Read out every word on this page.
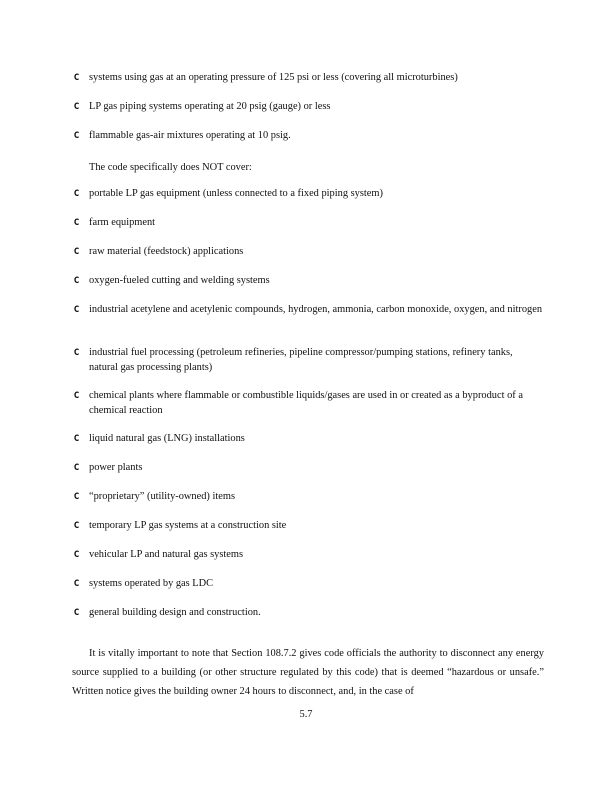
C systems using gas at an operating pressure of 125 psi or less (covering all microturbines)
C LP gas piping systems operating at 20 psig (gauge) or less
C flammable gas-air mixtures operating at 10 psig.
The code specifically does NOT cover:
C portable LP gas equipment (unless connected to a fixed piping system)
C farm equipment
C raw material (feedstock) applications
C oxygen-fueled cutting and welding systems
C industrial acetylene and acetylenic compounds, hydrogen, ammonia, carbon monoxide, oxygen, and nitrogen
C industrial fuel processing (petroleum refineries, pipeline compressor/pumping stations, refinery tanks, natural gas processing plants)
C chemical plants where flammable or combustible liquids/gases are used in or created as a byproduct of a chemical reaction
C liquid natural gas (LNG) installations
C power plants
C “proprietary” (utility-owned) items
C temporary LP gas systems at a construction site
C vehicular LP and natural gas systems
C systems operated by gas LDC
C general building design and construction.

It is vitally important to note that Section 108.7.2 gives code officials the authority to disconnect any energy source supplied to a building (or other structure regulated by this code) that is deemed “hazardous or unsafe.” Written notice gives the building owner 24 hours to disconnect, and, in the case of

5.7
